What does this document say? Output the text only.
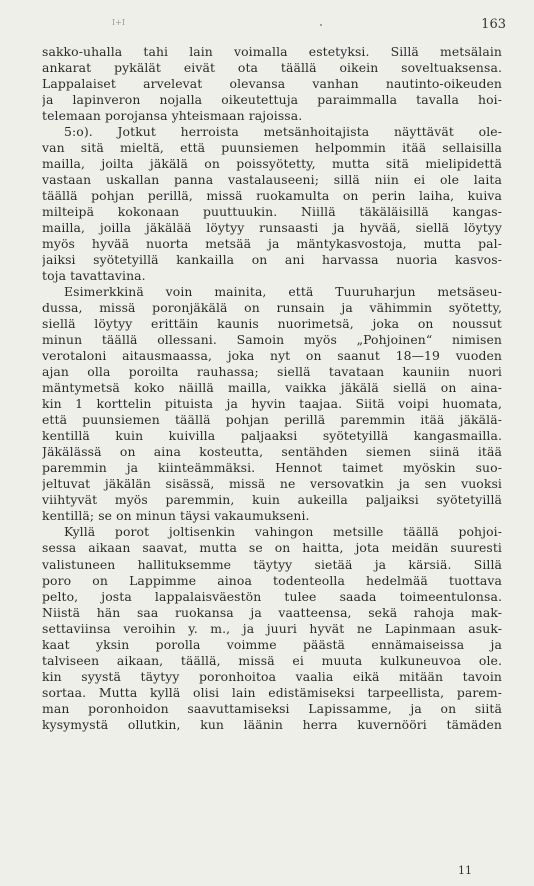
I+I	163
sakko-uhalla tahi lain voimalla estetyksi. Sillä metsälain
ankarat pykälät eivät ota täällä oikein soveltuaksensa.
Lappalaiset arvelevat olevansa vanhan nautinto-oikeuden
ja lapinveron nojalla oikeutettuja paraimmalla tavalla hoi-
telemaan porojansa yhteismaan rajoissa.
5:o). Jotkut herroista metsänhoitajista näyttävät ole-
van sitä mieltä, että puunsiemen helpommin itää sellaisilla
mailla, joilta jäkälä on poissyötetty, mutta sitä mielipidettä
vastaan uskallan panna vastalauseeni; sillä niin ei ole laita
täällä pohjan perillä, missä ruokamulta on perin laiha, kuiva
milteipä kokonaan puuttuukin. Niillä täkäläisillä kangas-
mailla, joilla jäkälää löytyy runsaasti ja hyvää, siellä löytyy
myös hyvää nuorta metsää ja mäntykasvostoja, mutta pal-
jaiksi syötetyillä kankailla on ani harvassa nuoria kasvos-
toja tavattavina.
Esimerkkinä voin mainita, että Tuuruharjun metsäseu-
dussa, missä poronjäkälä on runsain ja vähimmin syötetty,
siellä löytyy erittäin kaunis nuorimetsä, joka on noussut
minun täällä ollessani. Samoin myös „Pohjoinen“ nimisen
verotaloni aitausmaassa, joka nyt on saanut 18—19 vuoden
ajan olla poroilta rauhassa; siellä tavataan kauniin nuori
mäntymetsä koko näillä mailla, vaikka jäkälä siellä on aina-
kin 1 korttelin pituista ja hyvin taajaa. Siitä voipi huomata,
että puunsiemen täällä pohjan perillä paremmin itää jäkälä-
kentillä kuin kuivilla paljaaksi syötetyillä kangasmailla.
Jäkälässä on aina kosteutta, sentähden siemen siinä itää
paremmin ja kiinteämmäksi. Hennot taimet myöskin suo-
jeltuvat jäkälän sisässä, missä ne versovatkin ja sen vuoksi
viihtyvät myös paremmin, kuin aukeilla paljaiksi syötetyillä
kentillä; se on minun täysi vakaumukseni.
Kyllä porot joltisenkin vahingon metsille täällä pohjoi-
sessa aikaan saavat, mutta se on haitta, jota meidän suuresti
valistuneen hallituksemme täytyy sietää ja kärsiä. Sillä
poro on Lappimme ainoa todenteolla hedelmää tuottava
pelto, josta lappalaisväestön tulee saada toimeentulonsa.
Niistä hän saa ruokansa ja vaatteensa, sekä rahoja mak-
settaviinsa veroihin y. m., ja juuri hyvät ne Lapinmaan asuk-
kaat yksin porolla voimme päästä ennämaiseissa ja
talviseen aikaan, täällä, missä ei muuta kulkuneuvoa ole.
kin syystä täytyy poronhoitoa vaalia eikä mitään tavoin
sortaa. Mutta kyllä olisi lain edistämiseksi tarpeellista, parem-
man poronhoidon saavuttamiseksi Lapissamme, ja on siitä
kysymystä ollutkin, kun läänin herra kuvernööri tämäden
11
